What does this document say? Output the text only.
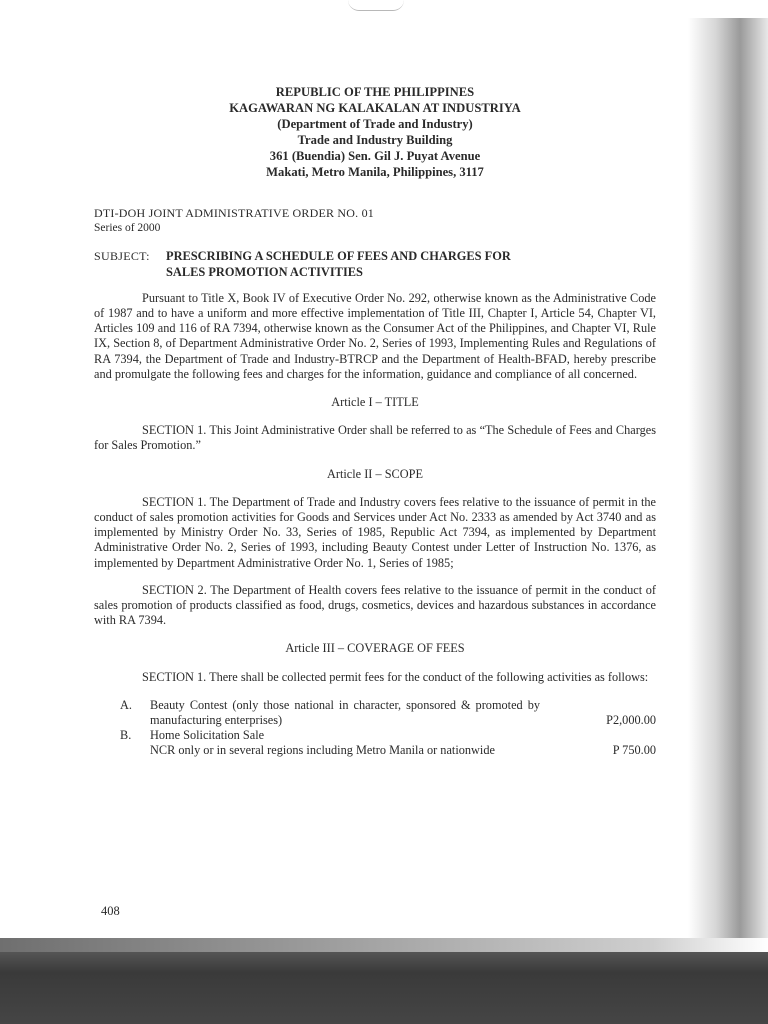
REPUBLIC OF THE PHILIPPINES
KAGAWARAN NG KALAKALAN AT INDUSTRIYA
(Department of Trade and Industry)
Trade and Industry Building
361 (Buendia) Sen. Gil J. Puyat Avenue
Makati, Metro Manila, Philippines, 3117
DTI-DOH JOINT ADMINISTRATIVE ORDER NO. 01
Series of 2000
SUBJECT:	PRESCRIBING A SCHEDULE OF FEES AND CHARGES FOR
SALES PROMOTION ACTIVITIES

Pursuant to Title X, Book IV of Executive Order No. 292, otherwise known as the Administrative Code of 1987 and to have a uniform and more effective implementation of Title III, Chapter I, Article 54, Chapter VI, Articles 109 and 116 of RA 7394, otherwise known as the Consumer Act of the Philippines, and Chapter VI, Rule IX, Section 8, of Department Administrative Order No. 2, Series of 1993, Implementing Rules and Regulations of RA 7394, the Department of Trade and Industry-BTRCP and the Department of Health-BFAD, hereby prescribe and promulgate the following fees and charges for the information, guidance and compliance of all concerned.

Article I – TITLE

SECTION 1. This Joint Administrative Order shall be referred to as “The Schedule of Fees and Charges for Sales Promotion.”

Article II – SCOPE

SECTION 1. The Department of Trade and Industry covers fees relative to the issuance of permit in the conduct of sales promotion activities for Goods and Services under Act No. 2333 as amended by Act 3740 and as implemented by Ministry Order No. 33, Series of 1985, Republic Act 7394, as implemented by Department Administrative Order No. 2, Series of 1993, including Beauty Contest under Letter of Instruction No. 1376, as implemented by Department Administrative Order No. 1, Series of 1985;

SECTION 2. The Department of Health covers fees relative to the issuance of permit in the conduct of sales promotion of products classified as food, drugs, cosmetics, devices and hazardous substances in accordance with RA 7394.

Article III – COVERAGE OF FEES

SECTION 1. There shall be collected permit fees for the conduct of the following activities as follows:

A.	Beauty Contest (only those national in character, sponsored & promoted by manufacturing enterprises)	P2,000.00
B.	Home Solicitation Sale
NCR only or in several regions including Metro Manila or nationwide	P 750.00
408
